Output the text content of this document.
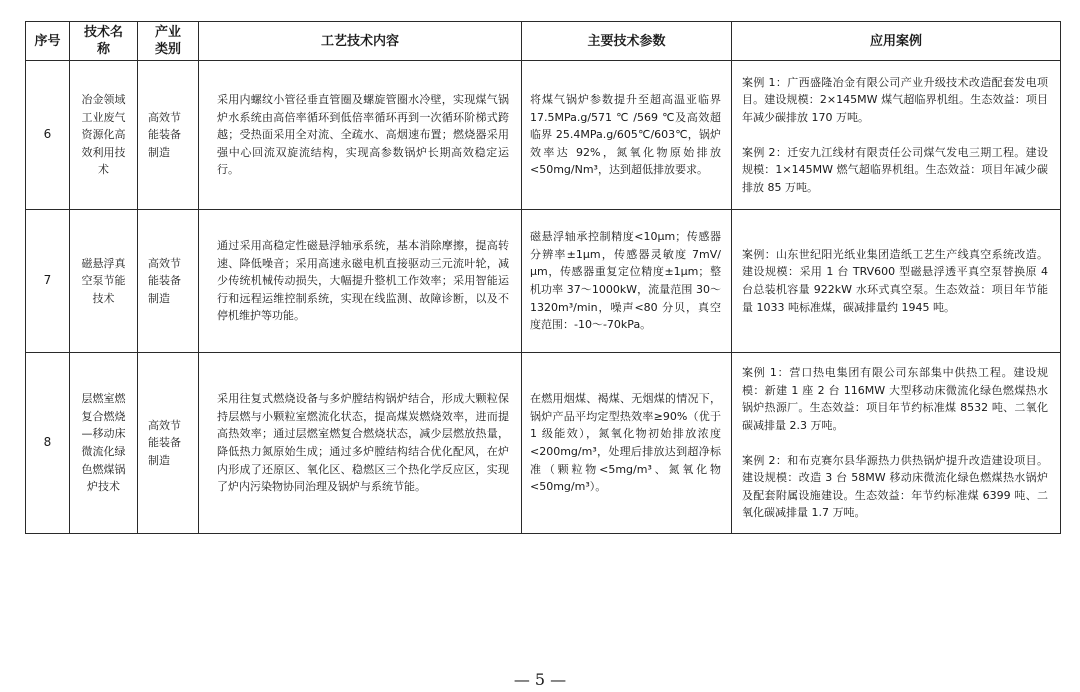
序号	技术名称	产业类别	工艺技术内容	主要技术参数	应用案例
6	冶金领域工业废气资源化高效利用技术	高效节能装备制造	采用内螺纹小管径垂直管圈及螺旋管圈水冷壁，实现煤气锅炉水系统由高倍率循环到低倍率循环再到一次循环阶梯式跨越；受热面采用全对流、全疏水、高烟速布置；燃烧器采用强中心回流双旋流结构，实现高参数锅炉长期高效稳定运行。	将煤气锅炉参数提升至超高温亚临界 17.5MPa.g/571 ℃ /569 ℃及高效超临界 25.4MPa.g/605℃/603℃，锅炉效率达 92%，氮氧化物原始排放<50mg/Nm³，达到超低排放要求。	案例 1：广西盛隆冶金有限公司产业升级技术改造配套发电项目。建设规模：2×145MW 煤气超临界机组。生态效益：项目年减少碳排放 170 万吨。
案例 2：迁安九江线材有限责任公司煤气发电三期工程。建设规模：1×145MW 燃气超临界机组。生态效益：项目年减少碳排放 85 万吨。

7	磁悬浮真空泵节能技术	高效节能装备制造	通过采用高稳定性磁悬浮轴承系统，基本消除摩擦，提高转速、降低噪音；采用高速永磁电机直接驱动三元流叶轮，减少传统机械传动损失，大幅提升整机工作效率；采用智能运行和远程运维控制系统，实现在线监测、故障诊断，以及不停机维护等功能。	磁悬浮轴承控制精度<10μm；传感器分辨率±1μm，传感器灵敏度 7mV/μm，传感器重复定位精度±1μm；整机功率 37～1000kW，流量范围 30～1320m³/min，噪声<80 分贝，真空度范围：-10～-70kPa。	案例：山东世纪阳光纸业集团造纸工艺生产线真空系统改造。建设规模：采用 1 台 TRV600 型磁悬浮透平真空泵替换原 4 台总装机容量 922kW 水环式真空泵。生态效益：项目年节能量 1033 吨标准煤，碳减排量约 1945 吨。

8	层燃室燃复合燃烧—移动床微流化绿色燃煤锅炉技术	高效节能装备制造	采用往复式燃烧设备与多炉膛结构锅炉结合，形成大颗粒保持层燃与小颗粒室燃流化状态，提高煤炭燃烧效率，进而提高热效率；通过层燃室燃复合燃烧状态，减少层燃放热量，降低热力氮原始生成；通过多炉膛结构结合优化配风，在炉内形成了还原区、氧化区、稳燃区三个热化学反应区，实现了炉内污染物协同治理及锅炉与系统节能。	在燃用烟煤、褐煤、无烟煤的情况下，锅炉产品平均定型热效率≥90%（优于 1 级能效），氮氧化物初始排放浓度<200mg/m³，处理后排放达到超净标准（颗粒物<5mg/m³、氮氧化物<50mg/m³）。	案例 1：营口热电集团有限公司东部集中供热工程。建设规模：新建 1 座 2 台 116MW 大型移动床微流化绿色燃煤热水锅炉热源厂。生态效益：项目年节约标准煤 8532 吨、二氧化碳减排量 2.3 万吨。
案例 2：和布克赛尔县华源热力供热锅炉提升改造建设项目。建设规模：改造 3 台 58MW 移动床微流化绿色燃煤热水锅炉及配套附属设施建设。生态效益：年节约标准煤 6399 吨、二氧化碳减排量 1.7 万吨。
— 5 —
